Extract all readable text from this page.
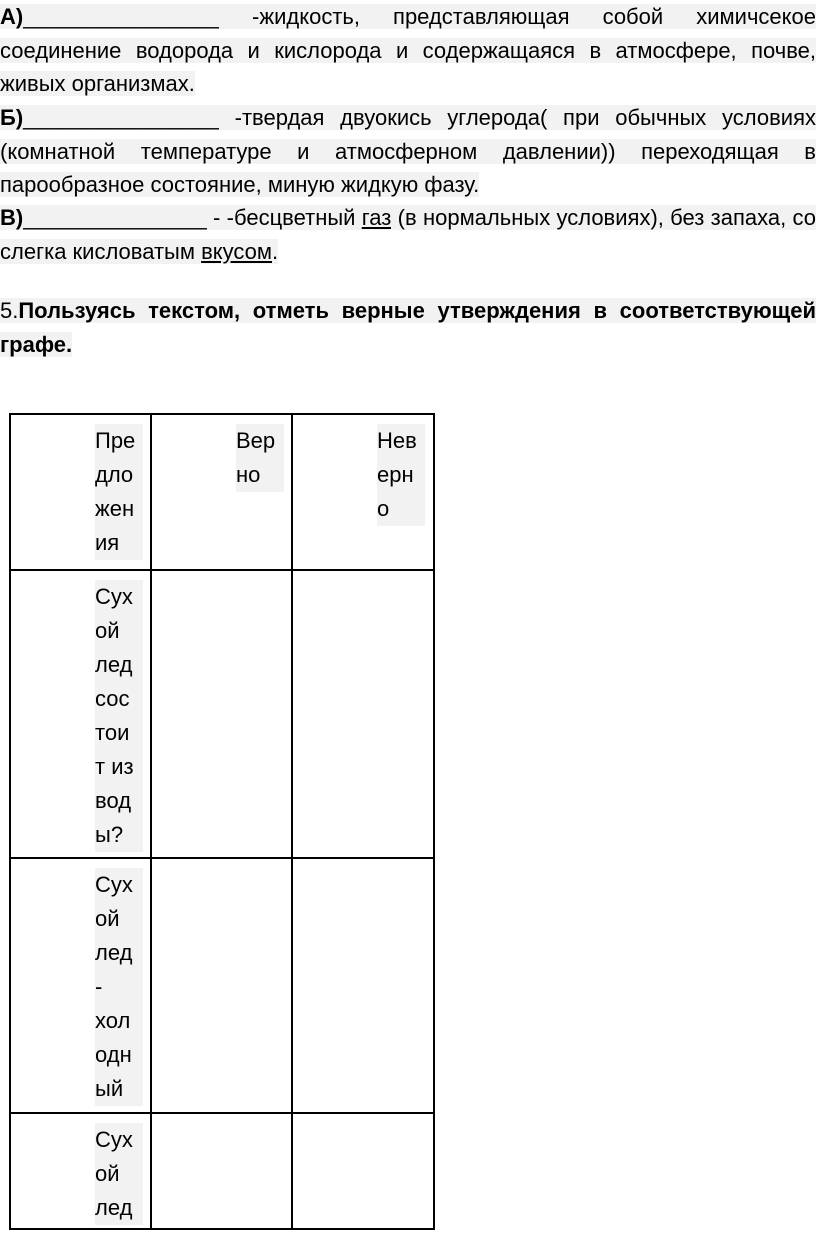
А)________________ -жидкость, представляющая собой химичсекое соединение водорода и кислорода и содержащаяся в атмосфере, почве, живых организмах.
Б)________________ -твердая двуокись углерода( при обычных условиях (комнатной температуре и атмосферном давлении)) переходящая в парообразное состояние, миную жидкую фазу.
В)_______________ - -бесцветный газ (в нормальных условиях), без запаха, со слегка кисловатым вкусом.
5.Пользуясь текстом, отметь верные утверждения в соответствующей графе.
Пре дло жен ия	Вер но	Нев ерн о

Сух ой лед сос тои т из вод ы?		

Сух ой лед - хол одн ый		

Сух ой лед		
